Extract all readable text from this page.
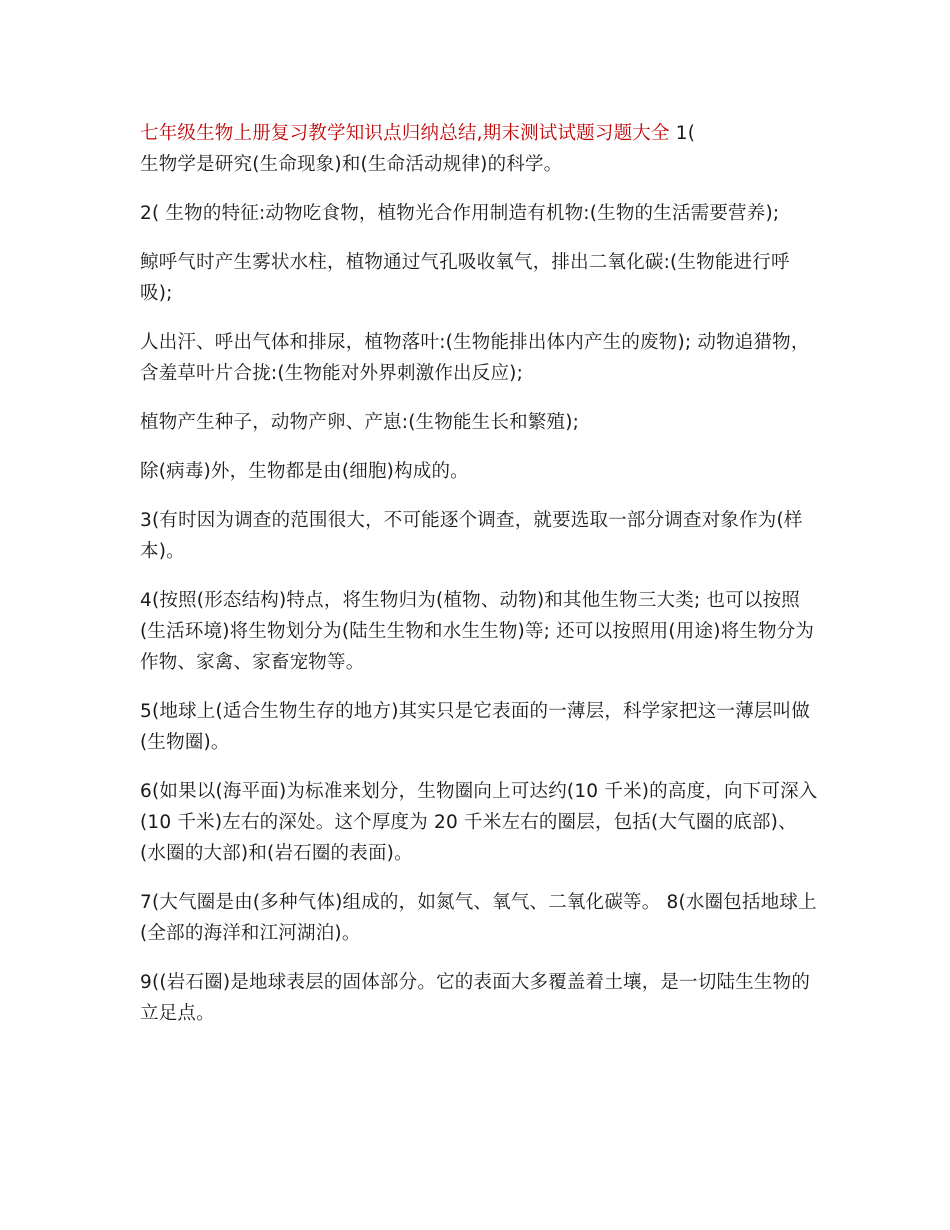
七年级生物上册复习教学知识点归纳总结,期末测试试题习题大全 1(
生物学是研究(生命现象)和(生命活动规律)的科学。

2( 生物的特征:动物吃食物，植物光合作用制造有机物:(生物的生活需要营养);

鲸呼气时产生雾状水柱，植物通过气孔吸收氧气，排出二氧化碳:(生物能进行呼吸);

人出汗、呼出气体和排尿，植物落叶:(生物能排出体内产生的废物); 动物追猎物，含羞草叶片合拢:(生物能对外界刺激作出反应);

植物产生种子，动物产卵、产崽:(生物能生长和繁殖);

除(病毒)外，生物都是由(细胞)构成的。

3(有时因为调查的范围很大，不可能逐个调查，就要选取一部分调查对象作为(样本)。

4(按照(形态结构)特点，将生物归为(植物、动物)和其他生物三大类; 也可以按照(生活环境)将生物划分为(陆生生物和水生生物)等; 还可以按照用(用途)将生物分为作物、家禽、家畜宠物等。

5(地球上(适合生物生存的地方)其实只是它表面的一薄层，科学家把这一薄层叫做(生物圈)。

6(如果以(海平面)为标准来划分，生物圈向上可达约(10 千米)的高度，向下可深入(10 千米)左右的深处。这个厚度为 20 千米左右的圈层，包括(大气圈的底部)、(水圈的大部)和(岩石圈的表面)。

7(大气圈是由(多种气体)组成的，如氮气、氧气、二氧化碳等。 8(水圈包括地球上(全部的海洋和江河湖泊)。

9((岩石圈)是地球表层的固体部分。它的表面大多覆盖着土壤，是一切陆生生物的立足点。
